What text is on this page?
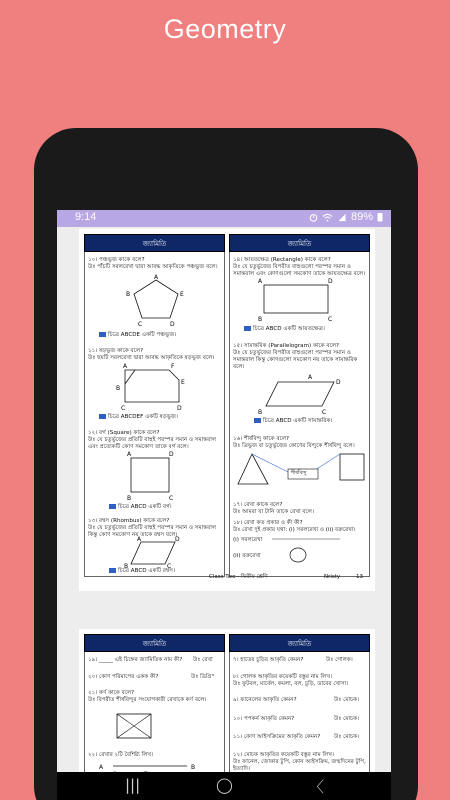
Geometry
9:14	89%
জ্যামিতি
১০। পঞ্চভুজ কাকে বলে?
উঃ পাঁচটি সরলরেখা দ্বারা আবদ্ধ আকৃতিকে পঞ্চভুজ বলে।
A
B	E
C	D
চিত্রে ABCDE একটি পঞ্চভুজ।
১১। ষড়ভুজ কাকে বলে?
উঃ ছয়টি সরলরেখা দ্বারা আবদ্ধ আকৃতিকে ষড়ভুজ বলে।
A	F
B
E
C	D
চিত্রে ABCDEF একটি ষড়ভুজ।
১২। বর্গ (Square) কাকে বলে?
উঃ যে চতুর্ভুজের প্রতিটি বাহুই পরস্পর সমান ও সমান্তরাল
এবং প্রত্যেকটি কোণ সমকোণ তাকে বর্গ বলে।
A	D
B	C
চিত্রে ABCD একটি বর্গ।
১৩। রম্বস (Rhombus) কাকে বলে?
উঃ যে চতুর্ভুজের প্রতিটি বাহুই পরস্পর সমান ও সমান্তরাল
কিন্তু কোণ সমকোণ নয় তাকে রম্বস বলে।
A	D
B	C
চিত্রে ABCD একটি রম্বস।
জ্যামিতি
১৪। আয়তক্ষেত্র (Rectangle) কাকে বলে?
উঃ যে চতুর্ভুজের বিপরীত বাহুগুলো পরস্পর সমান ও
সমান্তরাল এবং কোণগুলো সমকোণ তাকে আয়তক্ষেত্র বলে।
A	D
B	C
চিত্রে ABCD একটি আয়তক্ষেত্র।
১৫। সামান্তরিক (Parallelogram) কাকে বলে?
উঃ যে চতুর্ভুজের বিপরীত বাহুগুলো পরস্পর সমান ও
সমান্তরাল কিন্তু কোণগুলো সমকোণ নয় তাকে সামান্তরিক
বলে।
A
D
B	C
চিত্রে ABCD একটি সামান্তরিক।
১৬। শীর্ষবিন্দু কাকে বলে?
উঃ ত্রিভুজ বা চতুর্ভুজের কোণের বিন্দুকে শীর্ষবিন্দু বলে।
শীর্ষবিন্দু
১৭। রেখা কাকে বলে?
উঃ আমরা যা টানি তাকে রেখা বলে।
১৮। রেখা কত প্রকার ও কী কী?
উঃ রেখা দুই প্রকার যথা: (i) সরলরেখা ও (ii) বক্ররেখা।
(i) সরলরেখা
(ii) বক্ররেখা
Class Two - দ্বিতীয় শ্রেণি	Nristy	13
জ্যামিতি
১৯। _____ এই চিহ্নের জ্যামিতিক নাম কী? উঃ রেখা
২০। কোণ পরিমাপের একক কী?	উঃ ডিগ্রি°
২১। কর্ণ কাকে বলে?
উঃ বিপরীত শীর্ষবিন্দুর সংযোগকারী রেখাকে কর্ণ বলে।
২২। রেখার ২টি বৈশিষ্ট্য লিখ।
A	B
জ্যামিতি
৭। হাতের চুড়ির আকৃতি কেমন?	উঃ গোলক।
৮। গোলক আকৃতির কয়েকটি বস্তুর নাম লিখ।
উঃ ফুটবল, মার্বেল, কমলা, বল, চুড়ি, ডাবের খোসা।
৯। ফানেলের আকৃতি কেমন?	উঃ মোচক।
১০। পপকর্ন আকৃতি কেমন?	উঃ মোচক।
১১। কোণ আইসক্রিমের আকৃতি কেমন? উঃ মোচক।
১২। মোচক আকৃতির কয়েকটি বস্তুর নাম লিখ।
উঃ ফানেল, জোকার টুপি, কোন আইসক্রিম, জন্মদিনের টুপি,
ইত্যাদি।
|||	◯	〈
